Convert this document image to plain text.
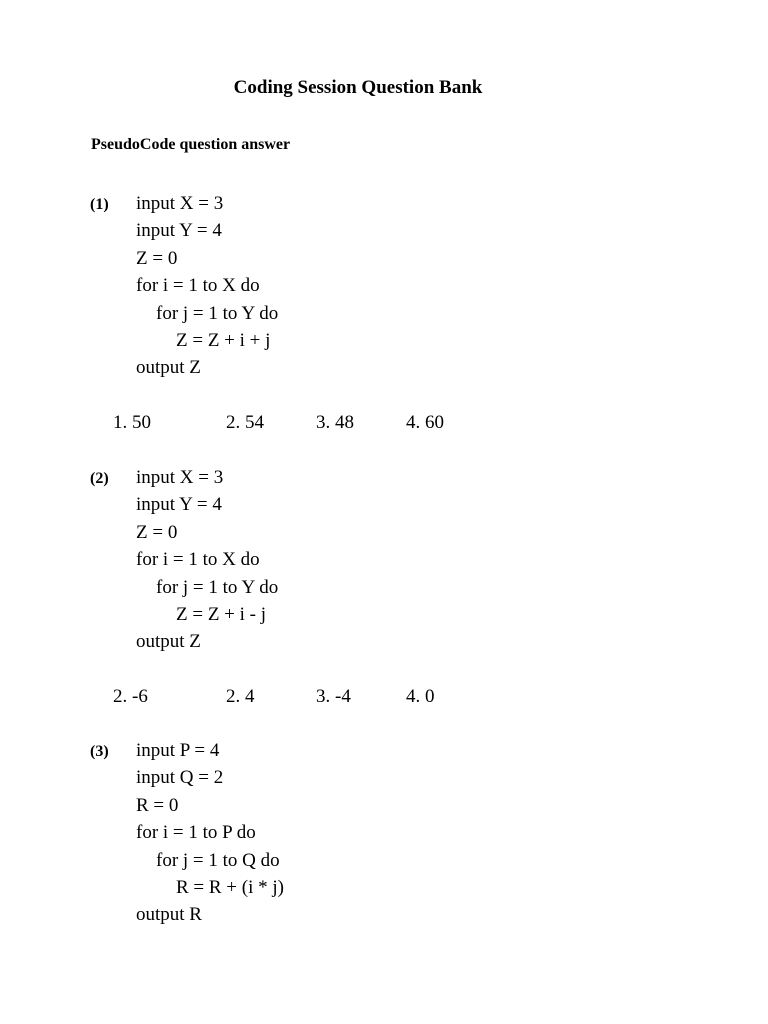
Coding Session Question Bank
PseudoCode question answer
(1) input X = 3
input Y = 4
Z = 0
for i = 1 to X do
for j = 1 to Y do
Z = Z + i + j
output Z
1. 50	2. 54	3. 48	4. 60
(2) input X = 3
input Y = 4
Z = 0
for i = 1 to X do
for j = 1 to Y do
Z = Z + i - j
output Z
2. -6	2. 4	3. -4	4. 0
(3) input P = 4
input Q = 2
R = 0
for i = 1 to P do
for j = 1 to Q do
R = R + (i * j)
output R
